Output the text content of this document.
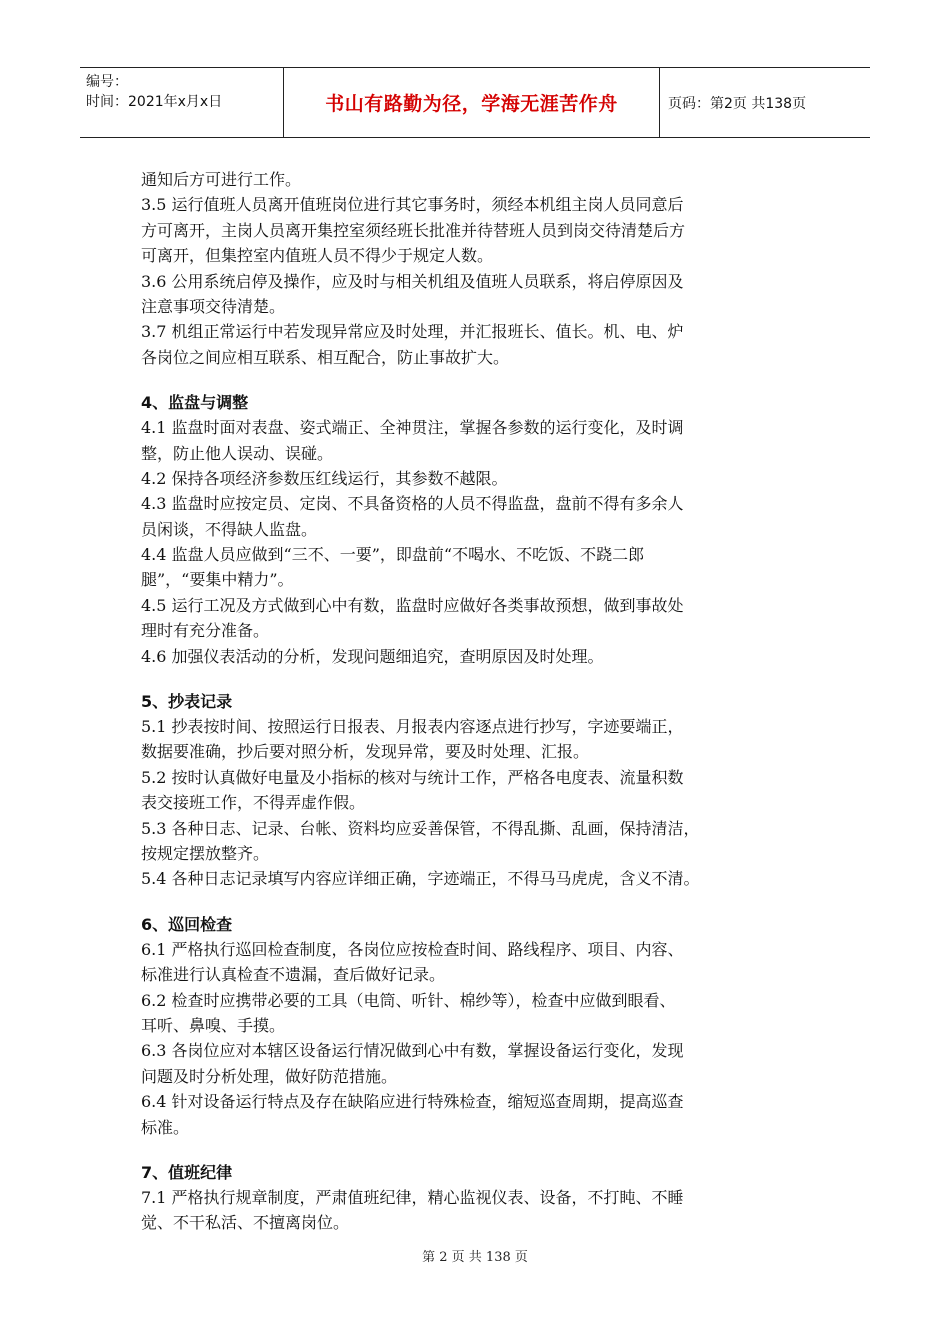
编号：
时间：2021年x月x日	书山有路勤为径，学海无涯苦作舟	页码：第2页 共138页
通知后方可进行工作。
3.5 运行值班人员离开值班岗位进行其它事务时，须经本机组主岗人员同意后
方可离开，主岗人员离开集控室须经班长批准并待替班人员到岗交待清楚后方
可离开，但集控室内值班人员不得少于规定人数。
3.6 公用系统启停及操作，应及时与相关机组及值班人员联系，将启停原因及
注意事项交待清楚。
3.7 机组正常运行中若发现异常应及时处理，并汇报班长、值长。机、电、炉
各岗位之间应相互联系、相互配合，防止事故扩大。
4、监盘与调整
4.1 监盘时面对表盘、姿式端正、全神贯注，掌握各参数的运行变化，及时调
整，防止他人误动、误碰。
4.2 保持各项经济参数压红线运行，其参数不越限。
4.3 监盘时应按定员、定岗、不具备资格的人员不得监盘，盘前不得有多余人
员闲谈，不得缺人监盘。
4.4 监盘人员应做到“三不、一要”，即盘前“不喝水、不吃饭、不跷二郎
腿”，“要集中精力”。
4.5 运行工况及方式做到心中有数，监盘时应做好各类事故预想，做到事故处
理时有充分准备。
4.6 加强仪表活动的分析，发现问题细追究，查明原因及时处理。
5、抄表记录
5.1 抄表按时间、按照运行日报表、月报表内容逐点进行抄写，字迹要端正，
数据要准确，抄后要对照分析，发现异常，要及时处理、汇报。
5.2 按时认真做好电量及小指标的核对与统计工作，严格各电度表、流量积数
表交接班工作，不得弄虚作假。
5.3 各种日志、记录、台帐、资料均应妥善保管，不得乱撕、乱画，保持清洁，
按规定摆放整齐。
5.4 各种日志记录填写内容应详细正确，字迹端正，不得马马虎虎，含义不清。
6、巡回检查
6.1 严格执行巡回检查制度，各岗位应按检查时间、路线程序、项目、内容、
标准进行认真检查不遗漏，查后做好记录。
6.2 检查时应携带必要的工具（电筒、听针、棉纱等），检查中应做到眼看、
耳听、鼻嗅、手摸。
6.3 各岗位应对本辖区设备运行情况做到心中有数，掌握设备运行变化，发现
问题及时分析处理，做好防范措施。
6.4 针对设备运行特点及存在缺陷应进行特殊检查，缩短巡查周期，提高巡查
标准。
7、值班纪律
7.1 严格执行规章制度，严肃值班纪律，精心监视仪表、设备，不打盹、不睡
觉、不干私活、不擅离岗位。
第 2 页 共 138 页
